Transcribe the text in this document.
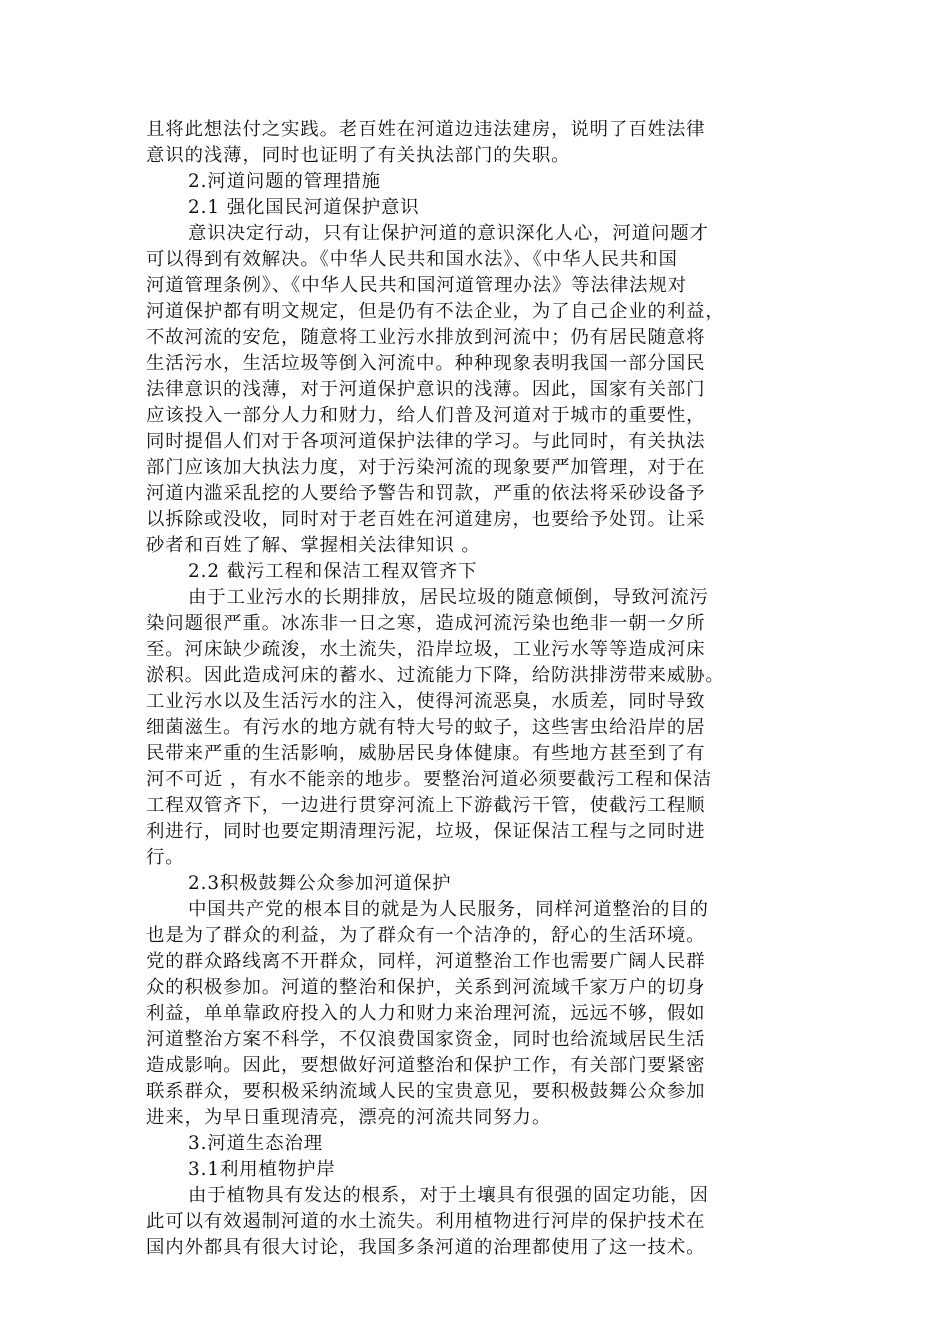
且将此想法付之实践。老百姓在河道边违法建房，说明了百姓法律
意识的浅薄，同时也证明了有关执法部门的失职。
2.河道问题的管理措施
2.1 强化国民河道保护意识
意识决定行动，只有让保护河道的意识深化人心，河道问题才
可以得到有效解决。《中华人民共和国水法》、《中华人民共和国
河道管理条例》、《中华人民共和国河道管理办法》等法律法规对
河道保护都有明文规定，但是仍有不法企业，为了自己企业的利益，
不故河流的安危，随意将工业污水排放到河流中；仍有居民随意将
生活污水，生活垃圾等倒入河流中。种种现象表明我国一部分国民
法律意识的浅薄，对于河道保护意识的浅薄。因此，国家有关部门
应该投入一部分人力和财力，给人们普及河道对于城市的重要性，
同时提倡人们对于各项河道保护法律的学习。与此同时，有关执法
部门应该加大执法力度，对于污染河流的现象要严加管理，对于在
河道内滥采乱挖的人要给予警告和罚款，严重的依法将采砂设备予
以拆除或没收，同时对于老百姓在河道建房，也要给予处罚。让采
砂者和百姓了解、掌握相关法律知识 。
2.2 截污工程和保洁工程双管齐下
由于工业污水的长期排放，居民垃圾的随意倾倒，导致河流污
染问题很严重。冰冻非一日之寒，造成河流污染也绝非一朝一夕所
至。河床缺少疏浚，水土流失，沿岸垃圾，工业污水等等造成河床
淤积。因此造成河床的蓄水、过流能力下降，给防洪排涝带来威胁。
工业污水以及生活污水的注入，使得河流恶臭，水质差，同时导致
细菌滋生。有污水的地方就有特大号的蚊子，这些害虫给沿岸的居
民带来严重的生活影响，威胁居民身体健康。有些地方甚至到了有
河不可近 ，有水不能亲的地步。要整治河道必须要截污工程和保洁
工程双管齐下，一边进行贯穿河流上下游截污干管，使截污工程顺
利进行，同时也要定期清理污泥，垃圾，保证保洁工程与之同时进
行。
2.3积极鼓舞公众参加河道保护
中国共产党的根本目的就是为人民服务，同样河道整治的目的
也是为了群众的利益，为了群众有一个洁净的，舒心的生活环境。
党的群众路线离不开群众，同样，河道整治工作也需要广阔人民群
众的积极参加。河道的整治和保护，关系到河流域千家万户的切身
利益，单单靠政府投入的人力和财力来治理河流，远远不够，假如
河道整治方案不科学，不仅浪费国家资金，同时也给流域居民生活
造成影响。因此，要想做好河道整治和保护工作，有关部门要紧密
联系群众，要积极采纳流域人民的宝贵意见，要积极鼓舞公众参加
进来，为早日重现清亮，漂亮的河流共同努力。
3.河道生态治理
3.1利用植物护岸
由于植物具有发达的根系，对于土壤具有很强的固定功能，因
此可以有效遏制河道的水土流失。利用植物进行河岸的保护技术在
国内外都具有很大讨论，我国多条河道的治理都使用了这一技术。
